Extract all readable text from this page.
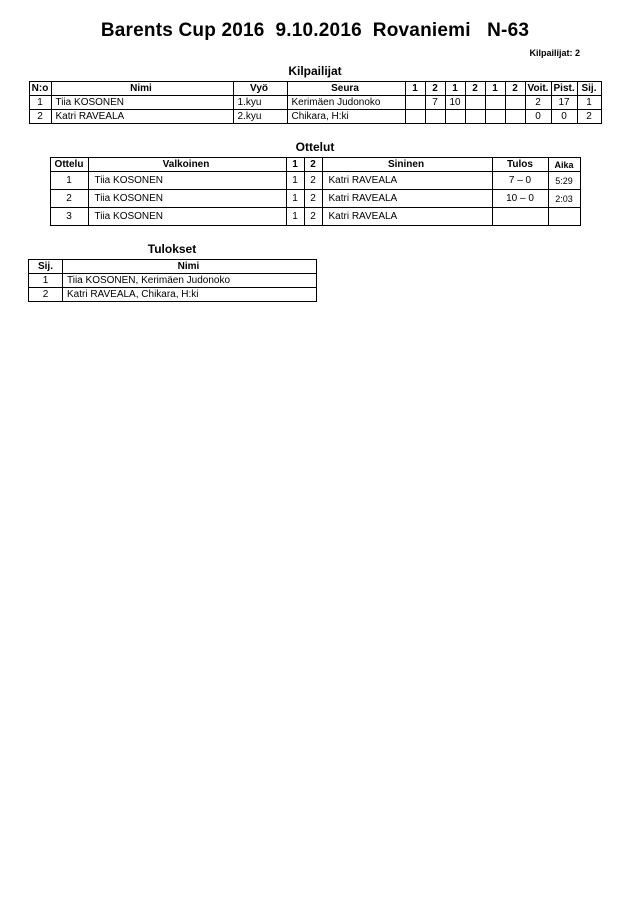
Barents Cup 2016  9.10.2016  Rovaniemi   N-63
Kilpailijat: 2
Kilpailijat
N:o	Nimi	Vyö	Seura	1	2	1	2	1	2	Voit.	Pist.	Sij.
1	Tiia KOSONEN	1.kyu	Kerimäen Judonoko		7	10				2	17	1
2	Katri RAVEALA	2.kyu	Chikara, H:ki							0	0	2
Ottelut
Ottelu	Valkoinen	1	2	Sininen	Tulos	Aika
1	Tiia KOSONEN	1	2	Katri RAVEALA	7 – 0	5:29
2	Tiia KOSONEN	1	2	Katri RAVEALA	10 – 0	2:03
3	Tiia KOSONEN	1	2	Katri RAVEALA		
Tulokset
Sij.	Nimi
1	Tiia KOSONEN, Kerimäen Judonoko
2	Katri RAVEALA, Chikara, H:ki
